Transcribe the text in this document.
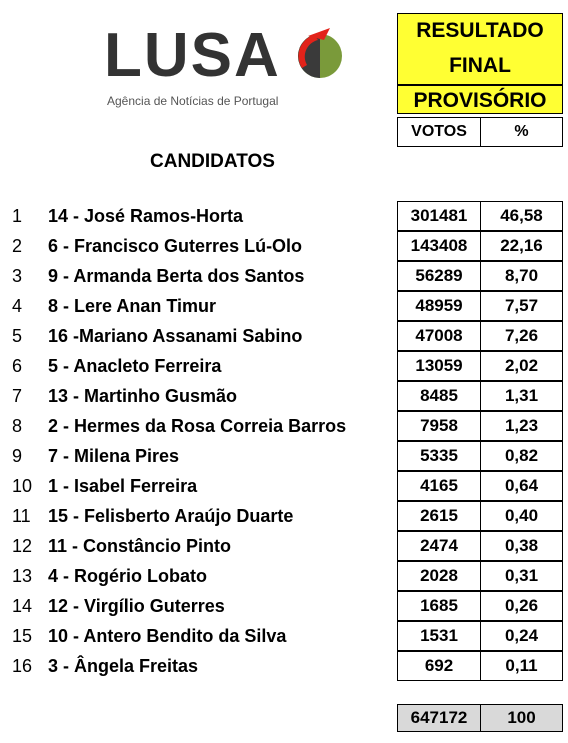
LUSA
Agência de Notícias de Portugal
RESULTADO
FINAL
PROVISÓRIO
VOTOS	%
CANDIDATOS
1 14 - José Ramos-Horta	301481	46,58
2 6 - Francisco Guterres Lú-Olo	143408	22,16
3 9 - Armanda Berta dos Santos	56289	8,70
4 8 - Lere Anan Timur	48959	7,57
5 16 -Mariano Assanami Sabino	47008	7,26
6 5 - Anacleto Ferreira	13059	2,02
7 13 - Martinho Gusmão	8485	1,31
8 2 - Hermes da Rosa Correia Barros	7958	1,23
9 7 - Milena Pires	5335	0,82
10 1 - Isabel Ferreira	4165	0,64
11 15 - Felisberto Araújo Duarte	2615	0,40
12 11 - Constâncio Pinto	2474	0,38
13 4 - Rogério Lobato	2028	0,31
14 12 - Virgílio Guterres	1685	0,26
15 10 - Antero Bendito da Silva	1531	0,24
16 3 - Ângela Freitas	692	0,11
647172	100
